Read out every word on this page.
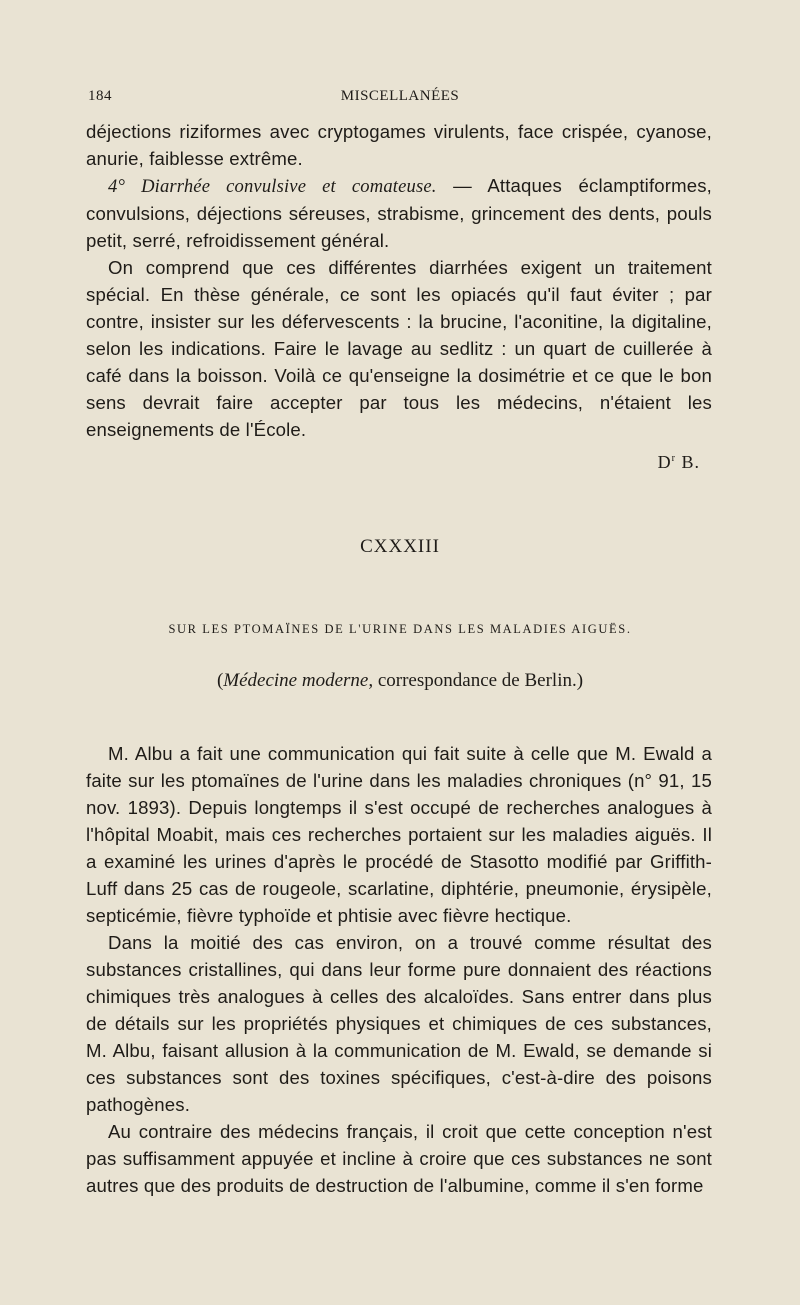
184	MISCELLANÉES

déjections riziformes avec cryptogames virulents, face crispée, cyanose, anurie, faiblesse extrême.

4° Diarrhée convulsive et comateuse. — Attaques éclamptiformes, convulsions, déjections séreuses, strabisme, grincement des dents, pouls petit, serré, refroidissement général.

On comprend que ces différentes diarrhées exigent un traitement spécial. En thèse générale, ce sont les opiacés qu'il faut éviter ; par contre, insister sur les défervescents : la brucine, l'aconitine, la digitaline, selon les indications. Faire le lavage au sedlitz : un quart de cuillerée à café dans la boisson. Voilà ce qu'enseigne la dosimétrie et ce que le bon sens devrait faire accepter par tous les médecins, n'étaient les enseignements de l'École.

$D^r$ B.
CXXXIII
SUR LES PTOMAÏNES DE L'URINE DANS LES MALADIES AIGUËS.
(Médecine moderne, correspondance de Berlin.)

M. Albu a fait une communication qui fait suite à celle que M. Ewald a faite sur les ptomaïnes de l'urine dans les maladies chroniques (n° 91, 15 nov. 1893). Depuis longtemps il s'est occupé de recherches analogues à l'hôpital Moabit, mais ces recherches portaient sur les maladies aiguës. Il a examiné les urines d'après le procédé de Stasotto modifié par Griffith-Luff dans 25 cas de rougeole, scarlatine, diphtérie, pneumonie, érysipèle, septicémie, fièvre typhoïde et phtisie avec fièvre hectique.

Dans la moitié des cas environ, on a trouvé comme résultat des substances cristallines, qui dans leur forme pure donnaient des réactions chimiques très analogues à celles des alcaloïdes. Sans entrer dans plus de détails sur les propriétés physiques et chimiques de ces substances, M. Albu, faisant allusion à la communication de M. Ewald, se demande si ces substances sont des toxines spécifiques, c'est-à-dire des poisons pathogènes.

Au contraire des médecins français, il croit que cette conception n'est pas suffisamment appuyée et incline à croire que ces substances ne sont autres que des produits de destruction de l'albumine, comme il s'en forme
